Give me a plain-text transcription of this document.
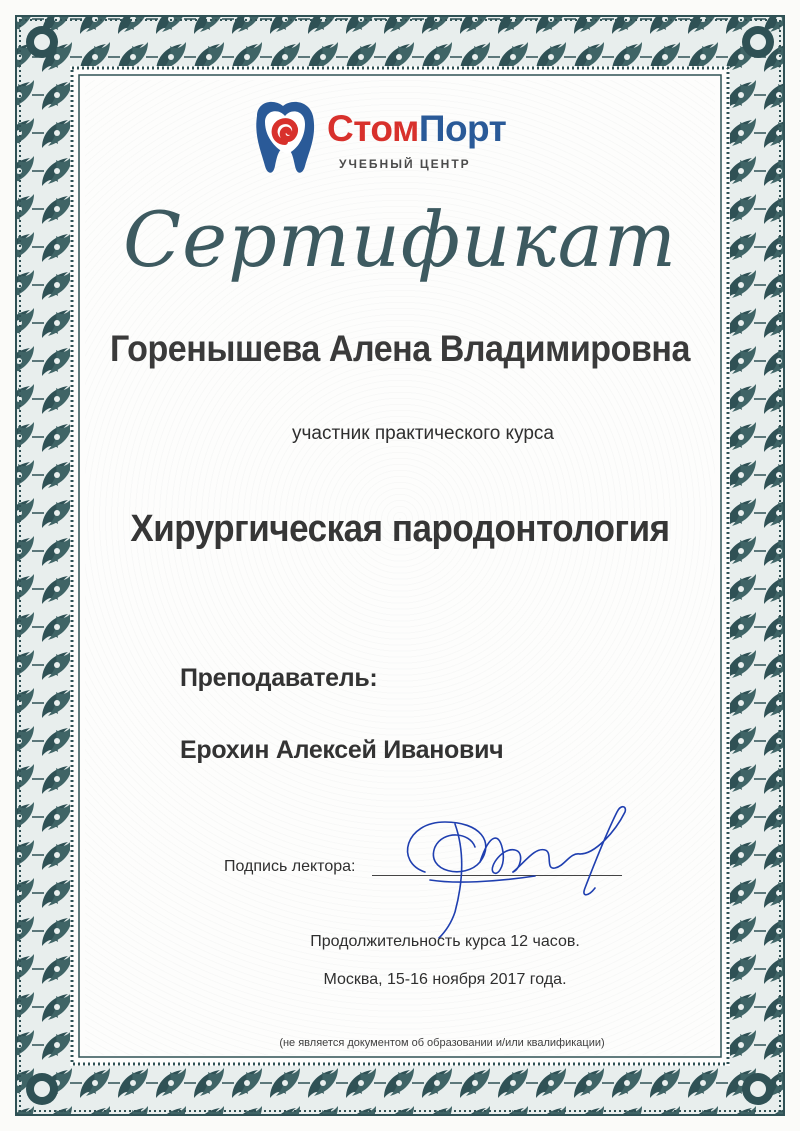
СтомПорт
УЧЕБНЫЙ ЦЕНТР
Сертификат
Горенышева Алена Владимировна
участник практического курса
Хирургическая пародонтология
Преподаватель:
Ерохин Алексей Иванович
Подпись лектора:
Продолжительность курса 12 часов.
Москва, 15-16 ноября 2017 года.
(не является документом об образовании и/или квалификации)
